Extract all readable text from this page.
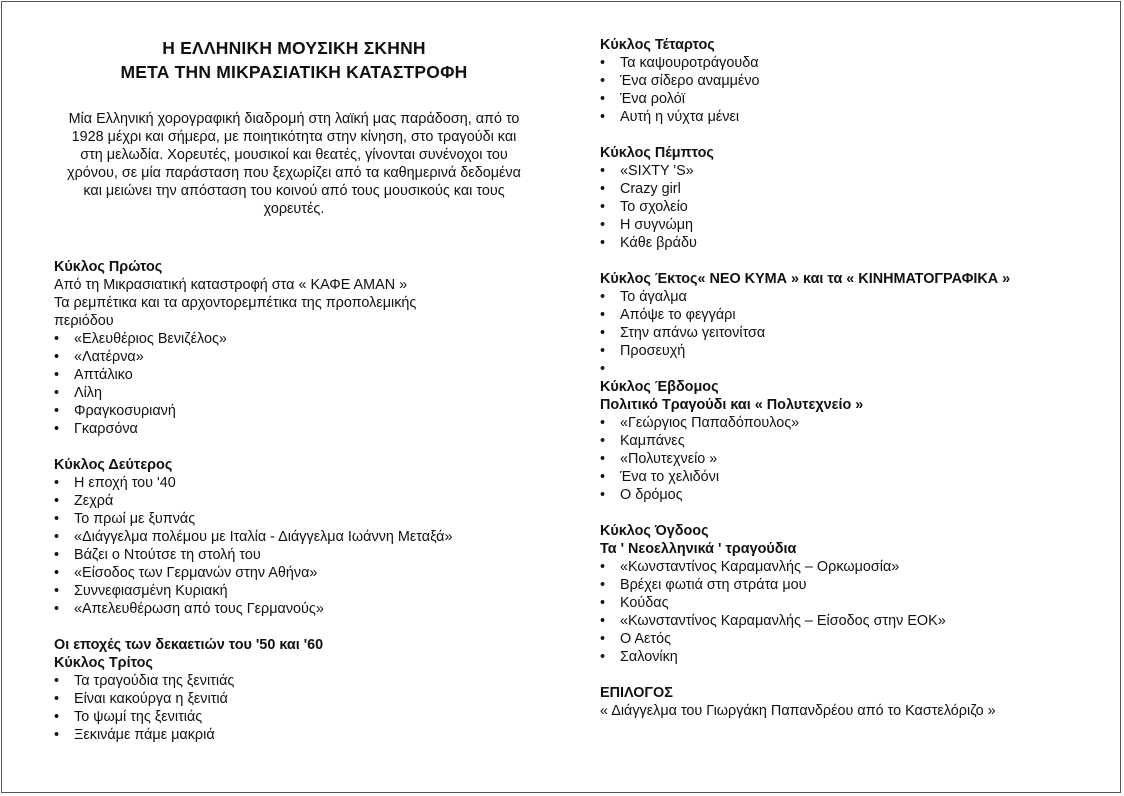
Η ΕΛΛΗΝΙΚΗ ΜΟΥΣΙΚΗ ΣΚΗΝΗ
ΜΕΤΑ ΤΗΝ ΜΙΚΡΑΣΙΑΤΙΚΗ ΚΑΤΑΣΤΡΟΦΗ
Μία Ελληνική χορογραφική διαδρομή στη λαϊκή μας παράδοση, από το 1928 μέχρι και σήμερα, με ποιητικότητα στην κίνηση, στο τραγούδι και στη μελωδία. Χορευτές, μουσικοί και θεατές, γίνονται συνένοχοι του χρόνου, σε μία παράσταση που ξεχωρίζει από τα καθημερινά δεδομένα και μειώνει την απόσταση του κοινού από τους μουσικούς και τους χορευτές.
Κύκλος Πρώτος
Από τη Μικρασιατική καταστροφή στα « ΚΑΦΕ ΑΜΑΝ »
Τα ρεμπέτικα και τα αρχοντορεμπέτικα της προπολεμικής
περιόδου
•	«Ελευθέριος Βενιζέλος»
•	«Λατέρνα»
•	Απτάλικο
•	Λίλη
•	Φραγκοσυριανή
•	Γκαρσόνα
Κύκλος Δεύτερος
•	Η εποχή του '40
•	Ζεχρά
•	Το πρωί με ξυπνάς
•	«Διάγγελμα πολέμου με Ιταλία - Διάγγελμα Ιωάννη Μεταξά»
•	Βάζει ο Ντούτσε τη στολή του
•	«Είσοδος των Γερμανών στην Αθήνα»
•	Συννεφιασμένη Κυριακή
•	«Απελευθέρωση από τους Γερμανούς»
Οι εποχές των δεκαετιών του '50 και '60
Κύκλος Τρίτος
•	Τα τραγούδια της ξενιτιάς
•	Είναι κακούργα η ξενιτιά
•	Το ψωμί της ξενιτιάς
•	Ξεκινάμε πάμε μακριά
Κύκλος Τέταρτος
•	Τα καψουροτράγουδα
•	Ένα σίδερο αναμμένο
•	Ένα ρολόϊ
•	Αυτή η νύχτα μένει
Κύκλος Πέμπτος
•	«SIXTY 'S»
•	Crazy girl
•	Το σχολείο
•	Η συγνώμη
•	Κάθε βράδυ
Κύκλος Έκτος« ΝΕΟ ΚΥΜΑ » και τα « ΚΙΝΗΜΑΤΟΓΡΑΦΙΚΑ »
•	Το άγαλμα
•	Απόψε το φεγγάρι
•	Στην απάνω γειτονίτσα
•	Προσευχή
•
Κύκλος Έβδομος
Πολιτικό Τραγούδι και « Πολυτεχνείο »
•	«Γεώργιος Παπαδόπουλος»
•	Καμπάνες
•	«Πολυτεχνείο »
•	Ένα το χελιδόνι
•	Ο δρόμος
Κύκλος Όγδοος
Τα ' Νεοελληνικά ' τραγούδια
•	«Κωνσταντίνος Καραμανλής – Ορκωμοσία»
•	Βρέχει φωτιά στη στράτα μου
•	Κούδας
•	«Κωνσταντίνος Καραμανλής – Είσοδος στην ΕΟΚ»
•	Ο Αετός
•	Σαλονίκη
ΕΠΙΛΟΓΟΣ
« Διάγγελμα του Γιωργάκη Παπανδρέου από το Καστελόριζο »
